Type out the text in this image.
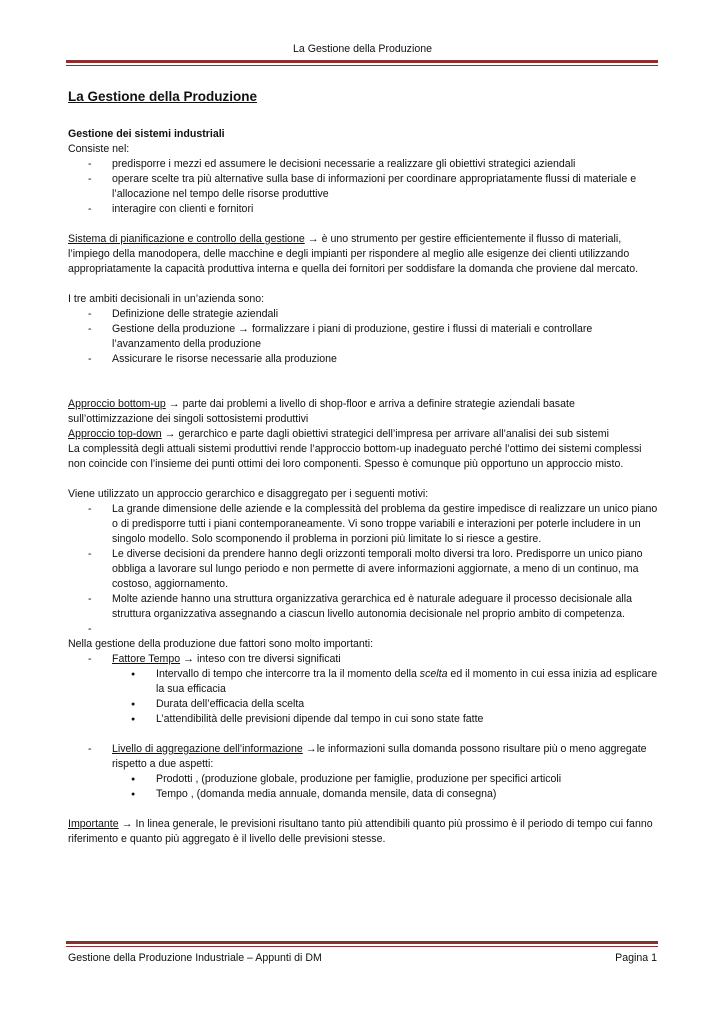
La Gestione della Produzione
La Gestione della Produzione
Gestione dei sistemi industriali

Consiste nel:

- predisporre i mezzi ed assumere le decisioni necessarie a realizzare gli obiettivi strategici aziendali
- operare scelte tra più alternative sulla base di informazioni per coordinare appropriatamente flussi di materiale e l’allocazione nel tempo delle risorse produttive
- interagire con clienti e fornitori

Sistema di pianificazione e controllo della gestione → è uno strumento per gestire efficientemente il flusso di materiali, l’impiego della manodopera, delle macchine e degli impianti per rispondere al meglio alle esigenze dei clienti utilizzando appropriatamente la capacità produttiva interna e quella dei fornitori per soddisfare la domanda che proviene dal mercato.

I tre ambiti decisionali in un’azienda sono:

- Definizione delle strategie aziendali
- Gestione della produzione → formalizzare i piani di produzione, gestire i flussi di materiali e controllare l’avanzamento della produzione
- Assicurare le risorse necessarie alla produzione

Approccio bottom-up → parte dai problemi a livello di shop-floor e arriva a definire strategie aziendali basate sull’ottimizzazione dei singoli sottosistemi produttivi

Approccio top-down → gerarchico e parte dagli obiettivi strategici dell’impresa per arrivare all’analisi dei sub sistemi

La complessità degli attuali sistemi produttivi rende l’approccio bottom-up inadeguato perché l’ottimo dei sistemi complessi non coincide con l’insieme dei punti ottimi dei loro componenti. Spesso è comunque più opportuno un approccio misto.

Viene utilizzato un approccio gerarchico e disaggregato per i seguenti motivi:

- La grande dimensione delle aziende e la complessità del problema da gestire impedisce di realizzare un unico piano o di predisporre tutti i piani contemporaneamente. Vi sono troppe variabili e interazioni per poterle includere in un singolo modello. Solo scomponendo il problema in porzioni più limitate lo si riesce a gestire.
- Le diverse decisioni da prendere hanno degli orizzonti temporali molto diversi tra loro. Predisporre un unico piano obbliga a lavorare sul lungo periodo e non permette di avere informazioni aggiornate, a meno di un continuo, ma costoso, aggiornamento.
- Molte aziende hanno una struttura organizzativa gerarchica ed è naturale adeguare il processo decisionale alla struttura organizzativa assegnando a ciascun livello autonomia decisionale nel proprio ambito di competenza.
-

Nella gestione della produzione due fattori sono molto importanti:

- Fattore Tempo → inteso con tre diversi significati
● Intervallo di tempo che intercorre tra la il momento della scelta ed il momento in cui essa inizia ad esplicare la sua efficacia
● Durata dell’efficacia della scelta
● L’attendibilità delle previsioni dipende dal tempo in cui sono state fatte
- Livello di aggregazione dell’informazione →le informazioni sulla domanda possono risultare più o meno aggregate rispetto a due aspetti:
● Prodotti , (produzione globale, produzione per famiglie, produzione per specifici articoli
● Tempo , (domanda media annuale, domanda mensile, data di consegna)

Importante → In linea generale, le previsioni risultano tanto più attendibili quanto più prossimo è il periodo di tempo cui fanno riferimento e quanto più aggregato è il livello delle previsioni stesse.

Gestione della Produzione Industriale – Appunti di DM	Pagina 1
